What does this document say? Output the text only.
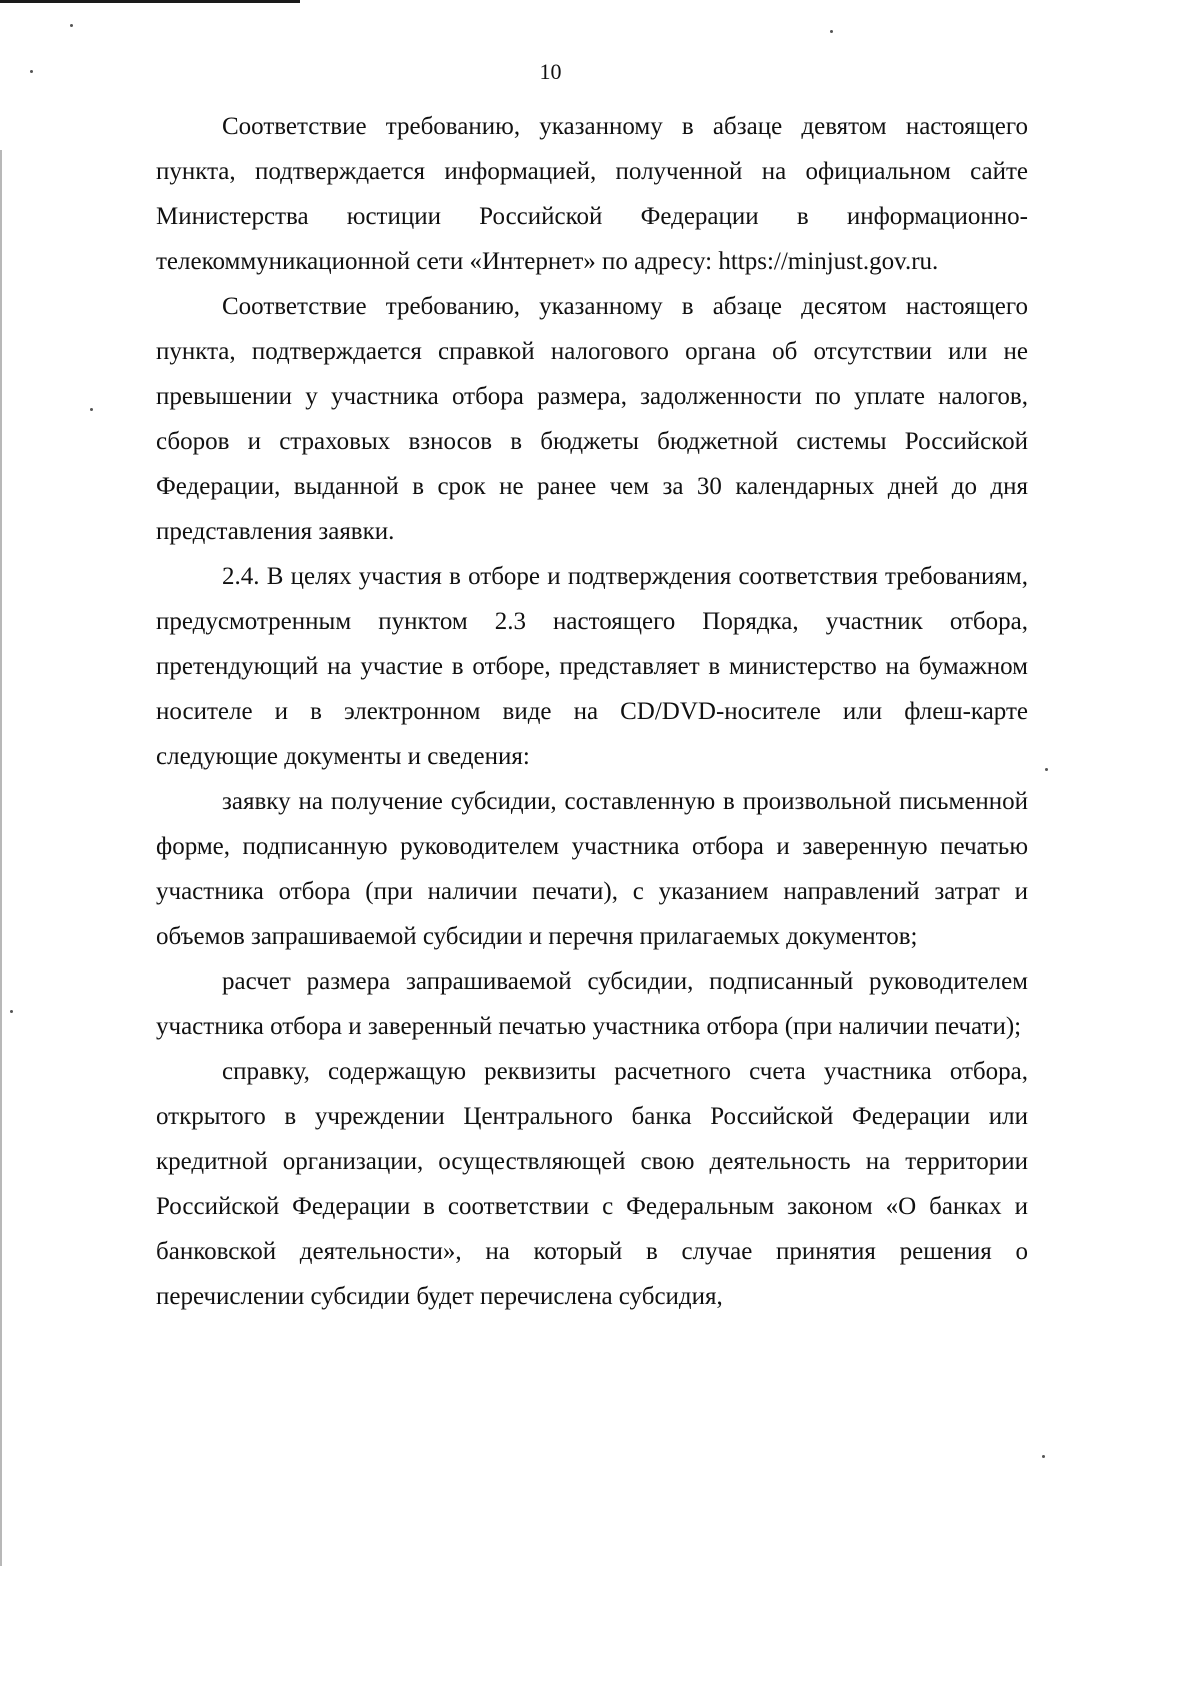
10

Соответствие требованию, указанному в абзаце девятом настоящего пункта, подтверждается информацией, полученной на официальном сайте Министерства юстиции Российской Федерации в информационно-телекоммуникационной сети «Интернет» по адресу: https://minjust.gov.ru.

Соответствие требованию, указанному в абзаце десятом настоящего пункта, подтверждается справкой налогового органа об отсутствии или не превышении у участника отбора размера, задолженности по уплате налогов, сборов и страховых взносов в бюджеты бюджетной системы Российской Федерации, выданной в срок не ранее чем за 30 календарных дней до дня представления заявки.

2.4. В целях участия в отборе и подтверждения соответствия требованиям, предусмотренным пунктом 2.3 настоящего Порядка, участник отбора, претендующий на участие в отборе, представляет в министерство на бумажном носителе и в электронном виде на CD/DVD-носителе или флеш-карте следующие документы и сведения:

заявку на получение субсидии, составленную в произвольной письменной форме, подписанную руководителем участника отбора и заверенную печатью участника отбора (при наличии печати), с указанием направлений затрат и объемов запрашиваемой субсидии и перечня прилагаемых документов;

расчет размера запрашиваемой субсидии, подписанный руководителем участника отбора и заверенный печатью участника отбора (при наличии печати);

справку, содержащую реквизиты расчетного счета участника отбора, открытого в учреждении Центрального банка Российской Федерации или кредитной организации, осуществляющей свою деятельность на территории Российской Федерации в соответствии с Федеральным законом «О банках и банковской деятельности», на который в случае принятия решения о перечислении субсидии будет перечислена субсидия,
